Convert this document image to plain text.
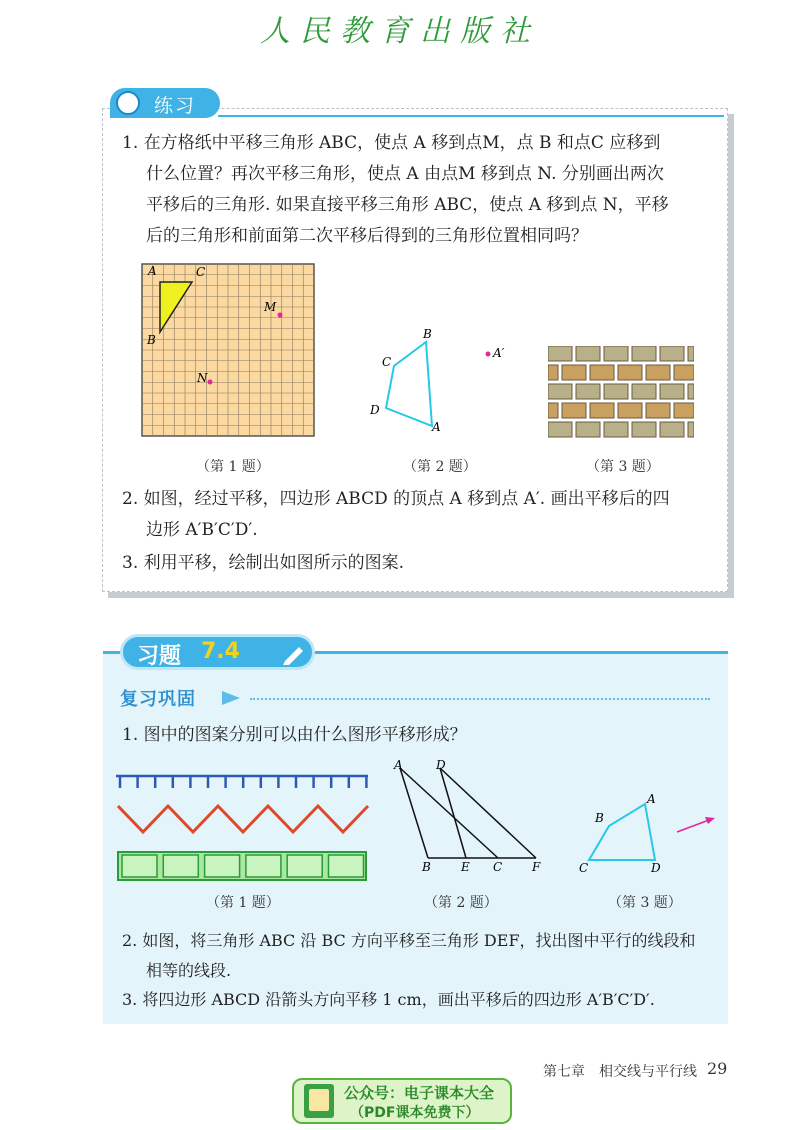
人民教育出版社
练习
1. 在方格纸中平移三角形 ABC，使点 A 移到点M，点 B 和点C 应移到
什么位置？再次平移三角形，使点 A 由点M 移到点 N. 分别画出两次
平移后的三角形. 如果直接平移三角形 ABC，使点 A 移到点 N，平移
后的三角形和前面第二次平移后得到的三角形位置相同吗？
A	C
B
M
N
B
C
D
A
A′
（第 1 题）	（第 2 题）	（第 3 题）
2. 如图，经过平移，四边形 ABCD 的顶点 A 移到点 A′. 画出平移后的四
边形 A′B′C′D′.
3. 利用平移，绘制出如图所示的图案.
习题 7.4
复习巩固
1. 图中的图案分别可以由什么图形平移形成？
A	D
B	E C F
A
B
C	D
（第 1 题）	（第 2 题）	（第 3 题）
2. 如图，将三角形 ABC 沿 BC 方向平移至三角形 DEF，找出图中平行的线段和
相等的线段.
3. 将四边形 ABCD 沿箭头方向平移 1 cm，画出平移后的四边形 A′B′C′D′.
第七章　相交线与平行线 29
公众号：电子课本大全
（PDF课本免费下）
